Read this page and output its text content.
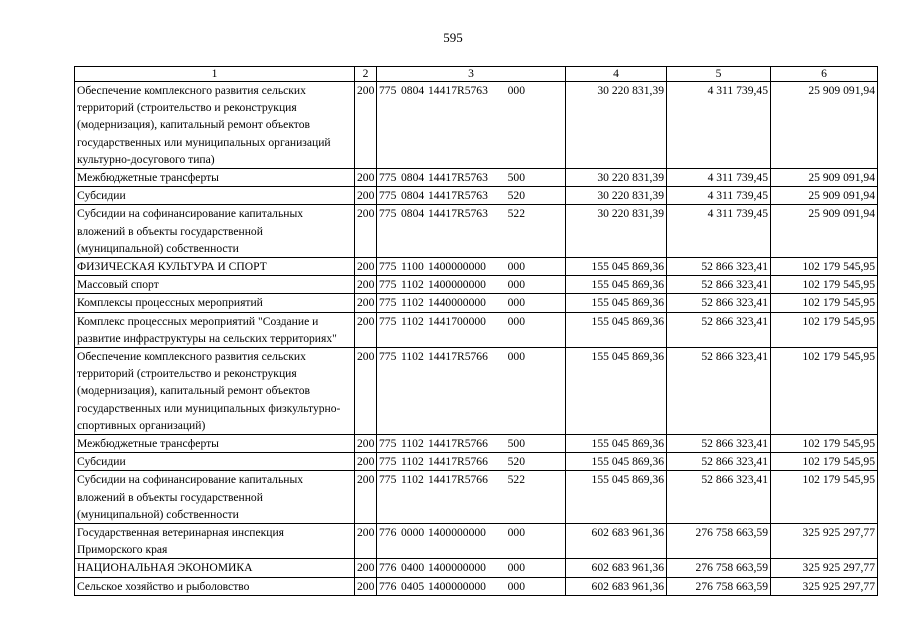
595
1	2	3	4	5	6
Обеспечение комплексного развития сельских территорий (строительство и реконструкция (модернизация), капитальный ремонт объектов государственных или муниципальных организаций культурно-досугового типа)	200	775 0804 14417R5763 000	30 220 831,39	4 311 739,45	25 909 091,94
Межбюджетные трансферты	200	775 0804 14417R5763 500	30 220 831,39	4 311 739,45	25 909 091,94
Субсидии	200	775 0804 14417R5763 520	30 220 831,39	4 311 739,45	25 909 091,94
Субсидии на софинансирование капитальных вложений в объекты государственной (муниципальной) собственности	200	775 0804 14417R5763 522	30 220 831,39	4 311 739,45	25 909 091,94
ФИЗИЧЕСКАЯ КУЛЬТУРА И СПОРТ	200	775 1100 1400000000 000	155 045 869,36	52 866 323,41	102 179 545,95
Массовый спорт	200	775 1102 1400000000 000	155 045 869,36	52 866 323,41	102 179 545,95
Комплексы процессных мероприятий	200	775 1102 1440000000 000	155 045 869,36	52 866 323,41	102 179 545,95
Комплекс процессных мероприятий "Создание и развитие инфраструктуры на сельских территориях"	200	775 1102 1441700000 000	155 045 869,36	52 866 323,41	102 179 545,95
Обеспечение комплексного развития сельских территорий (строительство и реконструкция (модернизация), капитальный ремонт объектов государственных или муниципальных физкультурно-спортивных организаций)	200	775 1102 14417R5766 000	155 045 869,36	52 866 323,41	102 179 545,95
Межбюджетные трансферты	200	775 1102 14417R5766 500	155 045 869,36	52 866 323,41	102 179 545,95
Субсидии	200	775 1102 14417R5766 520	155 045 869,36	52 866 323,41	102 179 545,95
Субсидии на софинансирование капитальных вложений в объекты государственной (муниципальной) собственности	200	775 1102 14417R5766 522	155 045 869,36	52 866 323,41	102 179 545,95
Государственная ветеринарная инспекция Приморского края	200	776 0000 1400000000 000	602 683 961,36	276 758 663,59	325 925 297,77
НАЦИОНАЛЬНАЯ ЭКОНОМИКА	200	776 0400 1400000000 000	602 683 961,36	276 758 663,59	325 925 297,77
Сельское хозяйство и рыболовство	200	776 0405 1400000000 000	602 683 961,36	276 758 663,59	325 925 297,77
